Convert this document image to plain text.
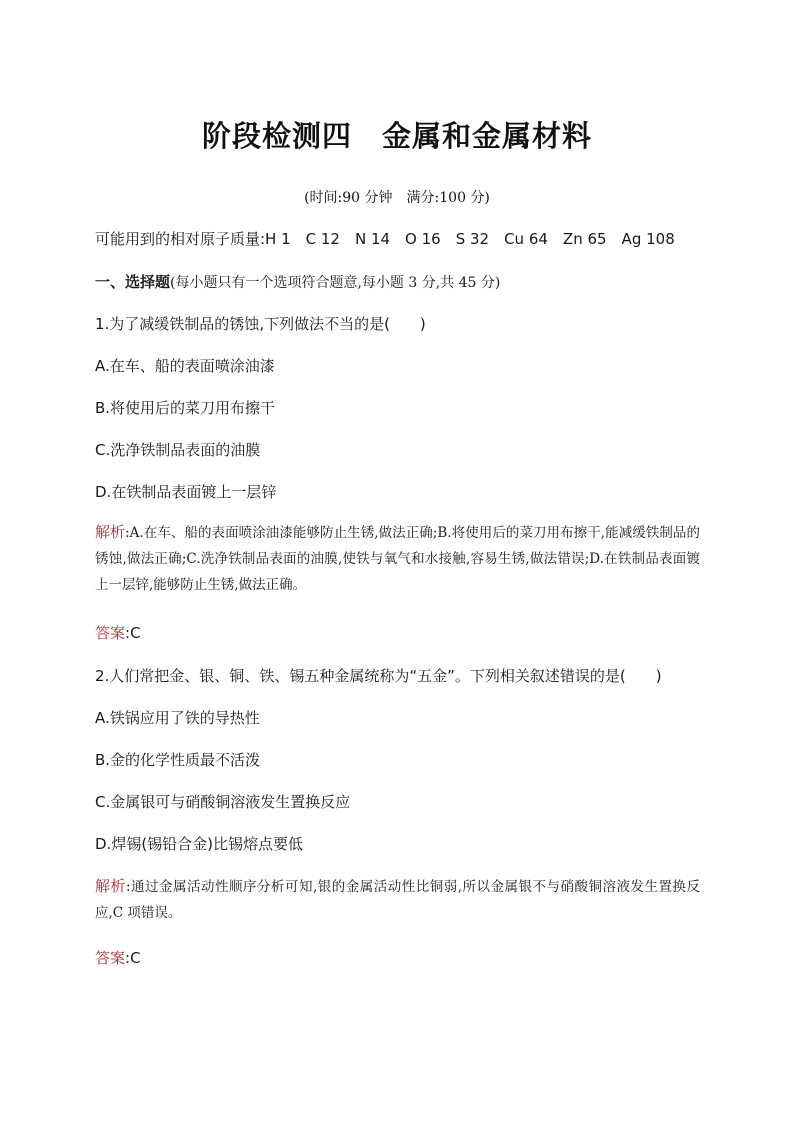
阶段检测四　金属和金属材料
(时间:90 分钟　满分:100 分)
可能用到的相对原子质量:H 1　C 12　N 14　O 16　S 32　Cu 64　Zn 65　Ag 108
一、选择题(每小题只有一个选项符合题意,每小题 3 分,共 45 分)
1.为了减缓铁制品的锈蚀,下列做法不当的是(　　)
A.在车、船的表面喷涂油漆
B.将使用后的菜刀用布擦干
C.洗净铁制品表面的油膜
D.在铁制品表面镀上一层锌
解析:A.在车、船的表面喷涂油漆能够防止生锈,做法正确;B.将使用后的菜刀用布擦干,能减缓铁制品的锈蚀,做法正确;C.洗净铁制品表面的油膜,使铁与氧气和水接触,容易生锈,做法错误;D.在铁制品表面镀上一层锌,能够防止生锈,做法正确。
答案:C
2.人们常把金、银、铜、铁、锡五种金属统称为“五金”。下列相关叙述错误的是(　　)
A.铁锅应用了铁的导热性
B.金的化学性质最不活泼
C.金属银可与硝酸铜溶液发生置换反应
D.焊锡(锡铅合金)比锡熔点要低
解析:通过金属活动性顺序分析可知,银的金属活动性比铜弱,所以金属银不与硝酸铜溶液发生置换反应,C 项错误。
答案:C
